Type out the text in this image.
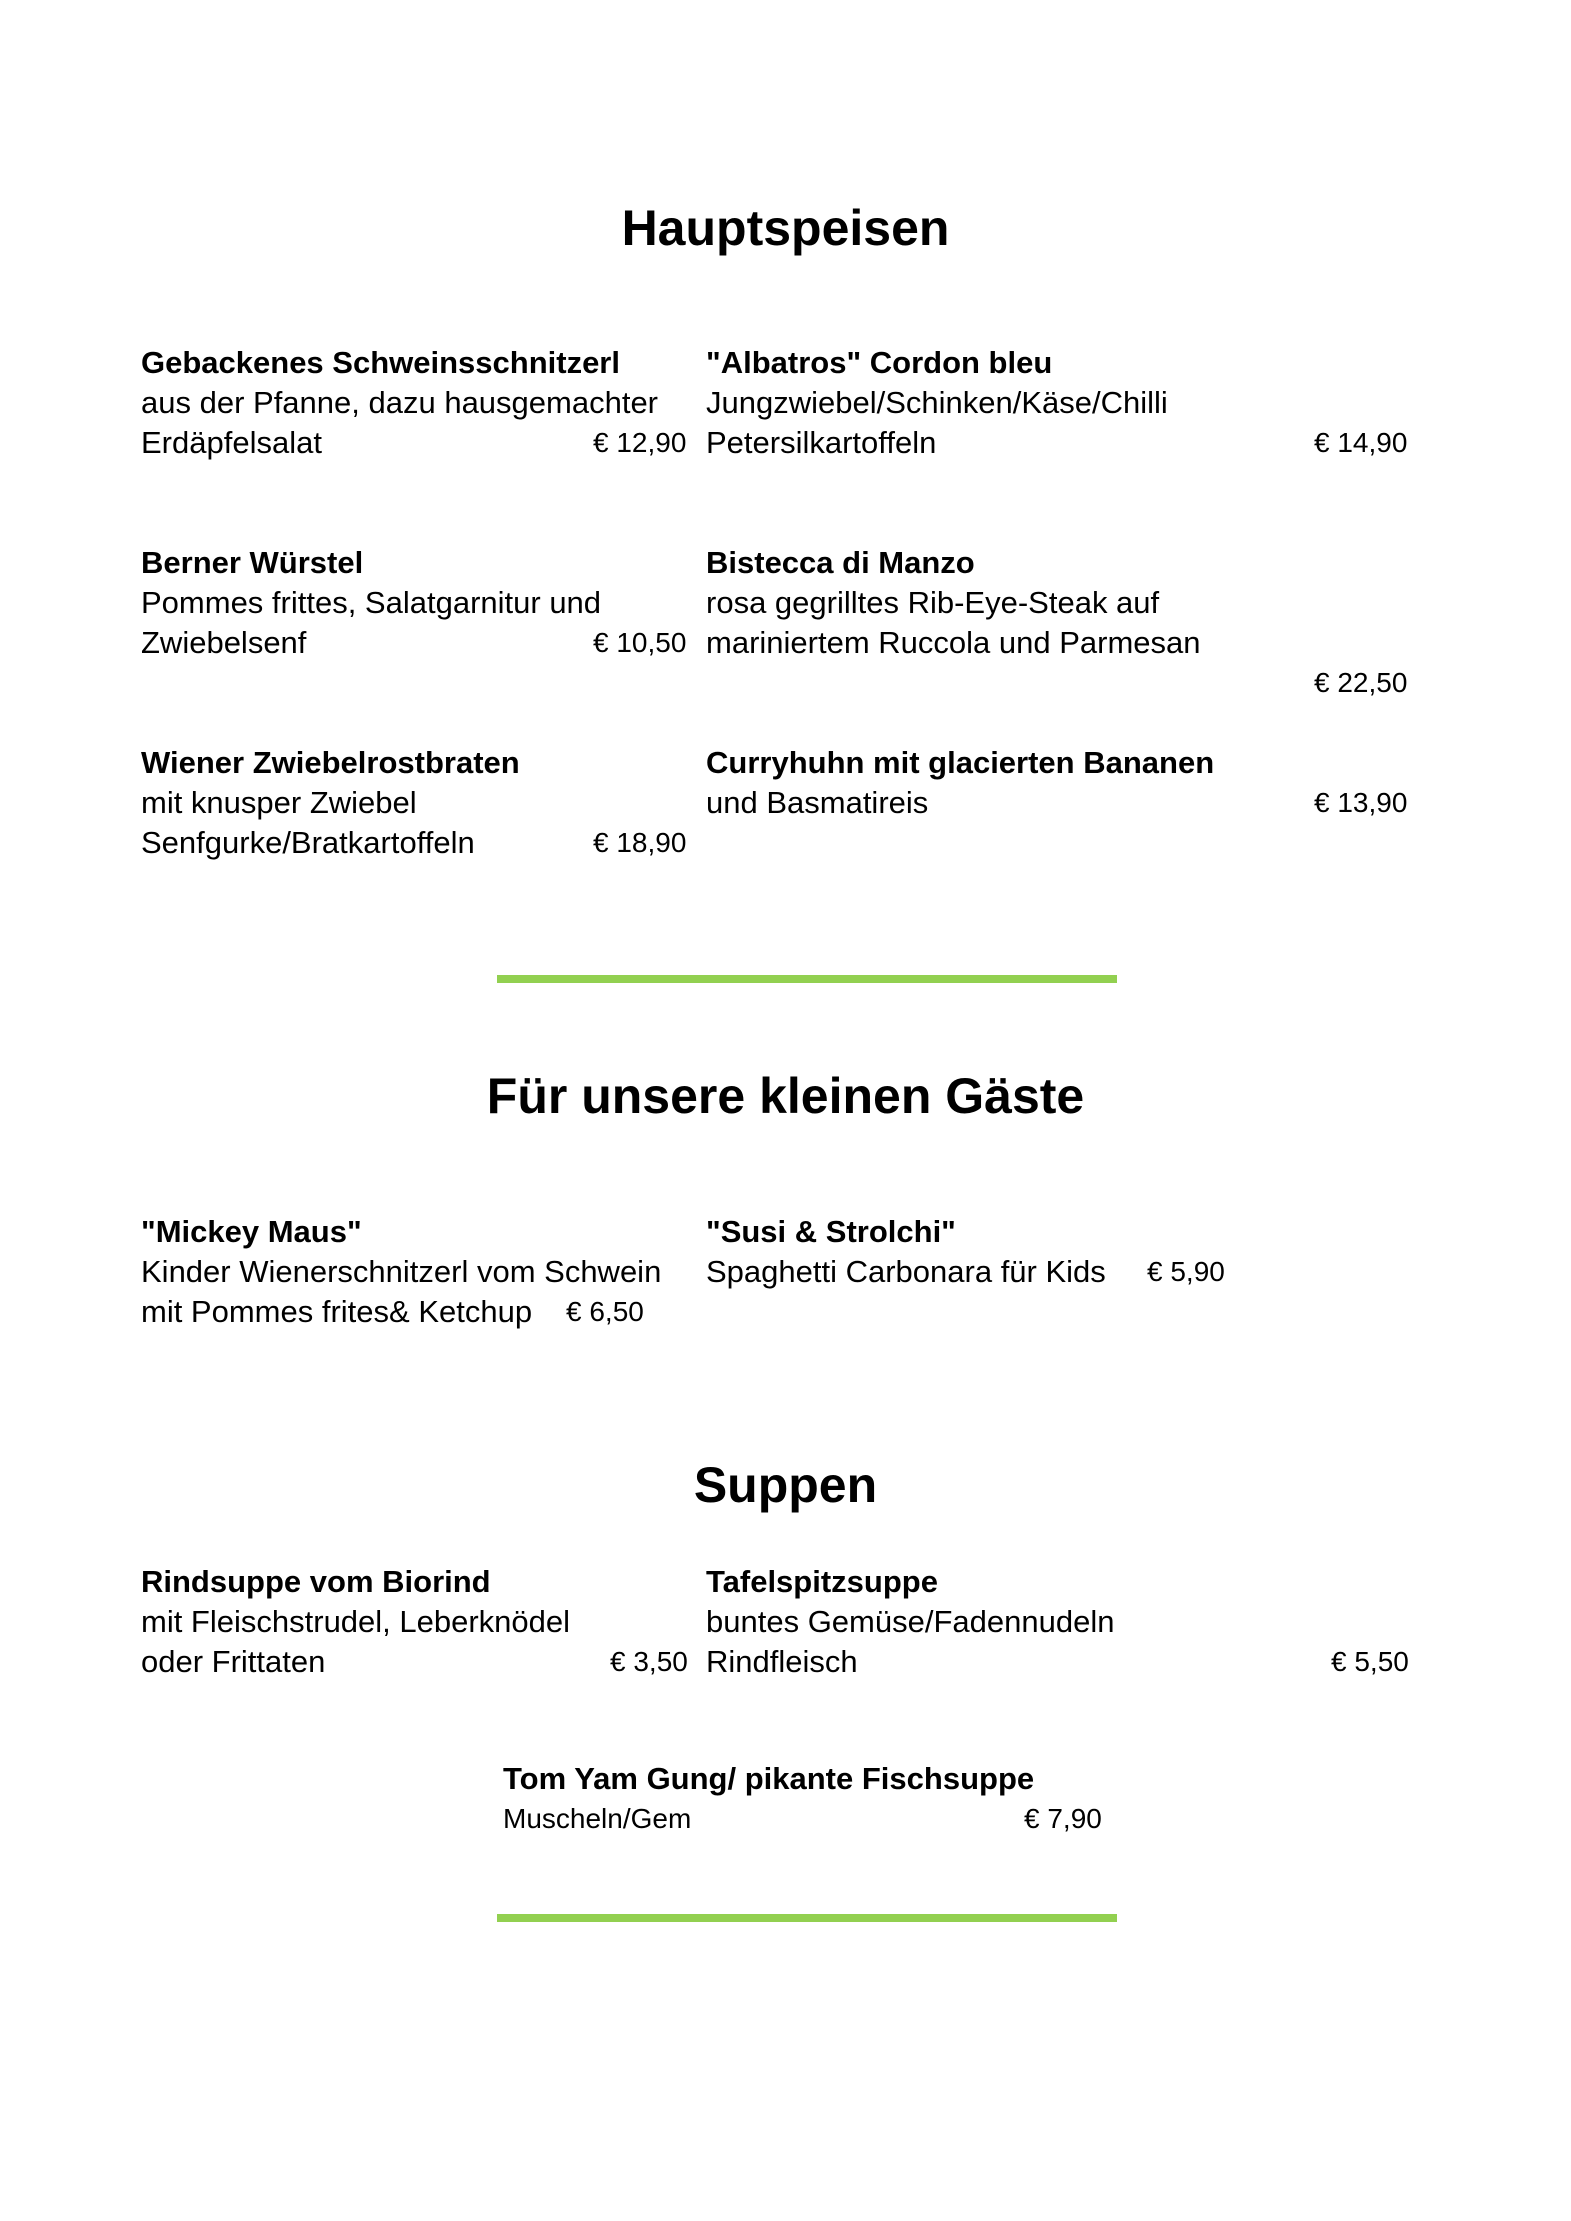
Hauptspeisen
Gebackenes Schweinsschnitzerl
aus der Pfanne, dazu hausgemachter
Erdäpfelsalat	€ 12,90
"Albatros" Cordon bleu
Jungzwiebel/Schinken/Käse/Chilli
Petersilkartoffeln	€ 14,90
Berner Würstel
Pommes frittes, Salatgarnitur und
Zwiebelsenf	€ 10,50
Bistecca di Manzo
rosa gegrilltes Rib-Eye-Steak auf
mariniertem Ruccola und Parmesan
€ 22,50
Wiener Zwiebelrostbraten
mit knusper Zwiebel
Senfgurke/Bratkartoffeln	€ 18,90
Curryhuhn mit glacierten Bananen
und Basmatireis	€ 13,90
Für unsere kleinen Gäste
"Mickey Maus"
Kinder Wienerschnitzerl vom Schwein
mit Pommes frites& Ketchup	€ 6,50
"Susi & Strolchi"
Spaghetti Carbonara für Kids € 5,90
Suppen
Rindsuppe vom Biorind
mit Fleischstrudel, Leberknödel
oder Frittaten	€ 3,50
Tafelspitzsuppe
buntes Gemüse/Fadennudeln
Rindfleisch	€ 5,50
Tom Yam Gung/ pikante Fischsuppe
Muscheln/Gem	€ 7,90
